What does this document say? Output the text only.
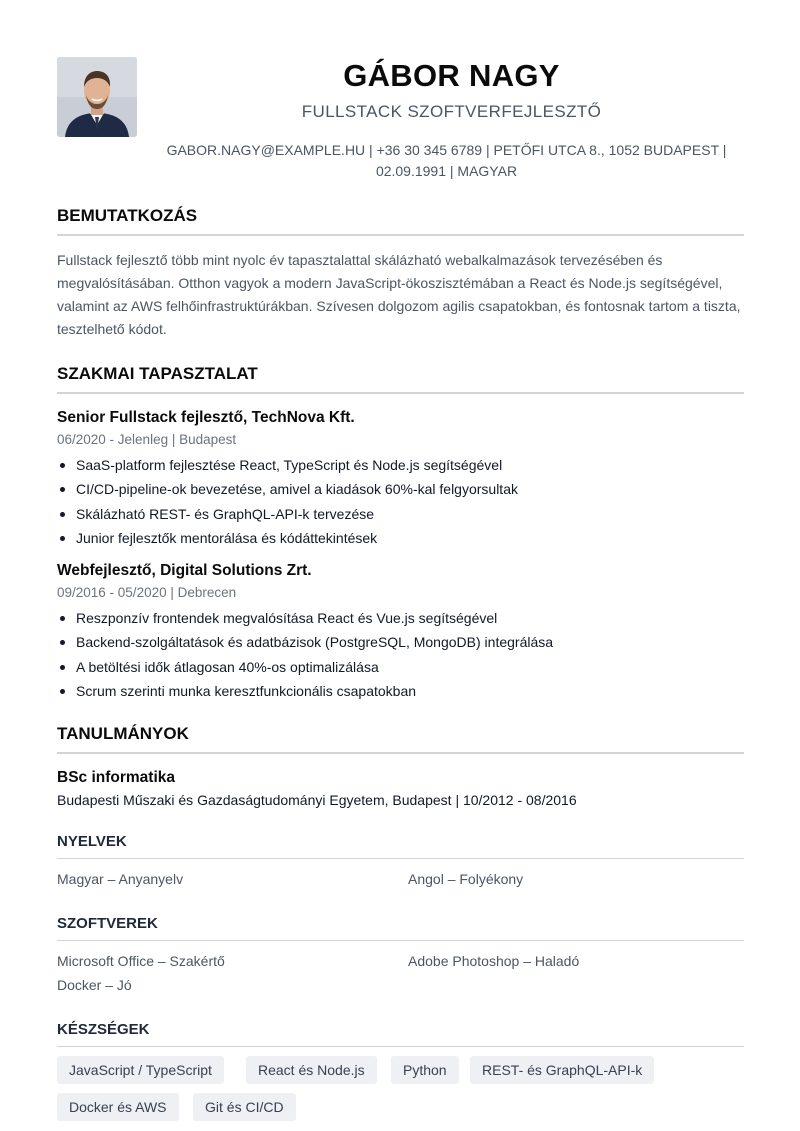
GÁBOR NAGY
FULLSTACK SZOFTVERFEJLESZTŐ
GABOR.NAGY@EXAMPLE.HU | +36 30 345 6789 | PETŐFI UTCA 8., 1052 BUDAPEST |
02.09.1991 | MAGYAR
BEMUTATKOZÁS
Fullstack fejlesztő több mint nyolc év tapasztalattal skálázható webalkalmazások tervezésében és megvalósításában. Otthon vagyok a modern JavaScript-ökoszisztémában a React és Node.js segítségével, valamint az AWS felhőinfrastruktúrákban. Szívesen dolgozom agilis csapatokban, és fontosnak tartom a tiszta, tesztelhető kódot.
SZAKMAI TAPASZTALAT
Senior Fullstack fejlesztő, TechNova Kft.
06/2020 - Jelenleg | Budapest
SaaS-platform fejlesztése React, TypeScript és Node.js segítségével
CI/CD-pipeline-ok bevezetése, amivel a kiadások 60%-kal felgyorsultak
Skálázható REST- és GraphQL-API-k tervezése
Junior fejlesztők mentorálása és kódáttekintések
Webfejlesztő, Digital Solutions Zrt.
09/2016 - 05/2020 | Debrecen
Reszponzív frontendek megvalósítása React és Vue.js segítségével
Backend-szolgáltatások és adatbázisok (PostgreSQL, MongoDB) integrálása
A betöltési idők átlagosan 40%-os optimalizálása
Scrum szerinti munka keresztfunkcionális csapatokban
TANULMÁNYOK
BSc informatika
Budapesti Műszaki és Gazdaságtudományi Egyetem, Budapest | 10/2012 - 08/2016
NYELVEK
Magyar – Anyanyelv	Angol – Folyékony
SZOFTVEREK
Microsoft Office – Szakértő	Adobe Photoshop – Haladó
Docker – Jó
KÉSZSÉGEK
JavaScript / TypeScript	React és Node.js	Python	REST- és GraphQL-API-k
Docker és AWS	Git és CI/CD
